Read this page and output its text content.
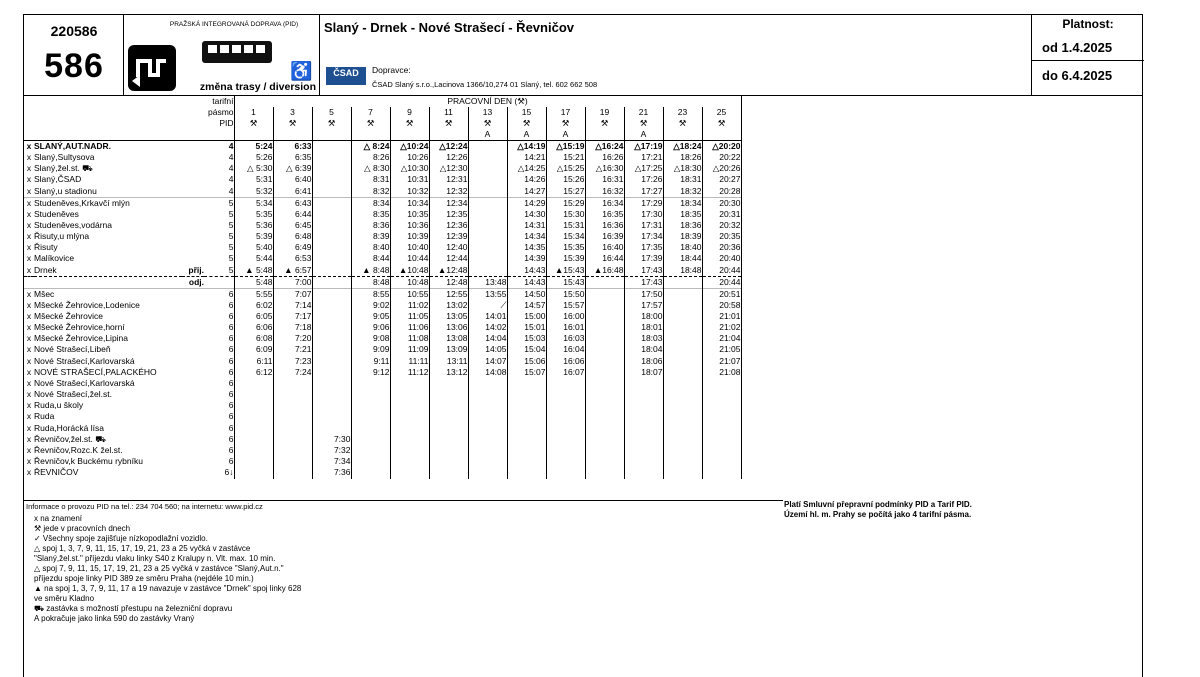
220586
586
PRAŽSKÁ INTEGROVANÁ DOPRAVA (PID)
♿
změna trasy / diversion
Slaný - Drnek - Nové Strašecí - Řevničov
ČSAD	Dopravce:
ČSAD Slaný s.r.o.,Lacinova 1366/10,274 01 Slaný, tel. 602 662 508
Platnost:
od 1.4.2025
do 6.4.2025
			tarifní	PRACOVNÍ DEN (⚒)												
			pásmo	1	3	5	7	9	11	13	15	17	19	21	23	25
			PID	⚒	⚒	⚒	⚒	⚒	⚒	⚒	⚒	⚒	⚒	⚒	⚒	⚒
										A	A	A		A		
x	SLANÝ,AUT.NADR.		4	5:24	6:33		△ 8:24	△10:24	△12:24		△14:19	△15:19	△16:24	△17:19	△18:24	△20:20
x	Slaný,Sultysova		4	5:26	6:35		8:26	10:26	12:26		14:21	15:21	16:26	17:21	18:26	20:22
x	Slaný,žel.st. ⛟		4	△ 5:30	△ 6:39		△ 8:30	△10:30	△12:30		△14:25	△15:25	△16:30	△17:25	△18:30	△20:26
x	Slaný,ČSAD		4	5:31	6:40		8:31	10:31	12:31		14:26	15:26	16:31	17:26	18:31	20:27
x	Slaný,u stadionu		4	5:32	6:41		8:32	10:32	12:32		14:27	15:27	16:32	17:27	18:32	20:28
x	Studeněves,Krkavčí mlýn		5	5:34	6:43		8:34	10:34	12:34		14:29	15:29	16:34	17:29	18:34	20:30
x	Studeněves		5	5:35	6:44		8:35	10:35	12:35		14:30	15:30	16:35	17:30	18:35	20:31
x	Studeněves,vodárna		5	5:36	6:45		8:36	10:36	12:36		14:31	15:31	16:36	17:31	18:36	20:32
x	Řisuty,u mlýna		5	5:39	6:48		8:39	10:39	12:39		14:34	15:34	16:39	17:34	18:39	20:35
x	Řisuty		5	5:40	6:49		8:40	10:40	12:40		14:35	15:35	16:40	17:35	18:40	20:36
x	Malíkovice		5	5:44	6:53		8:44	10:44	12:44		14:39	15:39	16:44	17:39	18:44	20:40
x	Drnek	přij.	5	▲ 5:48	▲ 6:57		▲ 8:48	▲10:48	▲12:48		14:43	▲15:43	▲16:48	17:43	18:48	20:44
		odj.		5:48	7:00		8:48	10:48	12:48	13:48	14:43	15:43		17:43		20:44
x	Mšec		6	5:55	7:07		8:55	10:55	12:55	13:55	14:50	15:50		17:50		20:51
x	Mšecké Žehrovice,Lodenice		6	6:02	7:14		9:02	11:02	13:02	⟋	14:57	15:57		17:57		20:58
x	Mšecké Žehrovice		6	6:05	7:17		9:05	11:05	13:05	14:01	15:00	16:00		18:00		21:01
x	Mšecké Žehrovice,horní		6	6:06	7:18		9:06	11:06	13:06	14:02	15:01	16:01		18:01		21:02
x	Mšecké Žehrovice,Lipina		6	6:08	7:20		9:08	11:08	13:08	14:04	15:03	16:03		18:03		21:04
x	Nové Strašecí,Libeň		6	6:09	7:21		9:09	11:09	13:09	14:05	15:04	16:04		18:04		21:05
x	Nové Strašecí,Karlovarská		6	6:11	7:23		9:11	11:11	13:11	14:07	15:06	16:06		18:06		21:07
x	NOVÉ STRAŠECÍ,PALACKÉHO		6	6:12	7:24		9:12	11:12	13:12	14:08	15:07	16:07		18:07		21:08
x	Nové Strašecí,Karlovarská		6													
x	Nové Strašecí,žel.st.		6													
x	Ruda,u školy		6													
x	Ruda		6													
x	Ruda,Horácká lísa		6													
x	Řevničov,žel.st. ⛟		6			7:30										
x	Řevničov,Rozc.K žel.st.		6			7:32										
x	Řevničov,k Buckému rybníku		6			7:34										
x	ŘEVNIČOV		6↓			7:36										
Informace o provozu PID na tel.: 234 704 560; na internetu: www.pid.cz	Platí Smluvní přepravní podmínky PID a Tarif PID.
Území hl. m. Prahy se počítá jako 4 tarifní pásma.
x na znamení
⚒ jede v pracovních dnech
✓ Všechny spoje zajišťuje nízkopodlažní vozidlo.
△ spoj 1, 3, 7, 9, 11, 15, 17, 19, 21, 23 a 25 vyčká v zastávce
"Slaný,žel.st." příjezdu vlaku linky S40 z Kralupy n. Vlt. max. 10 min.
△ spoj 7, 9, 11, 15, 17, 19, 21, 23 a 25 vyčká v zastávce "Slaný,Aut.n."
příjezdu spoje linky PID 389 ze směru Praha (nejdéle 10 min.)
▲ na spoj 1, 3, 7, 9, 11, 17 a 19 navazuje v zastávce "Drnek" spoj linky 628
ve směru Kladno
⛟ zastávka s možností přestupu na železniční dopravu
A pokračuje jako linka 590 do zastávky Vraný
